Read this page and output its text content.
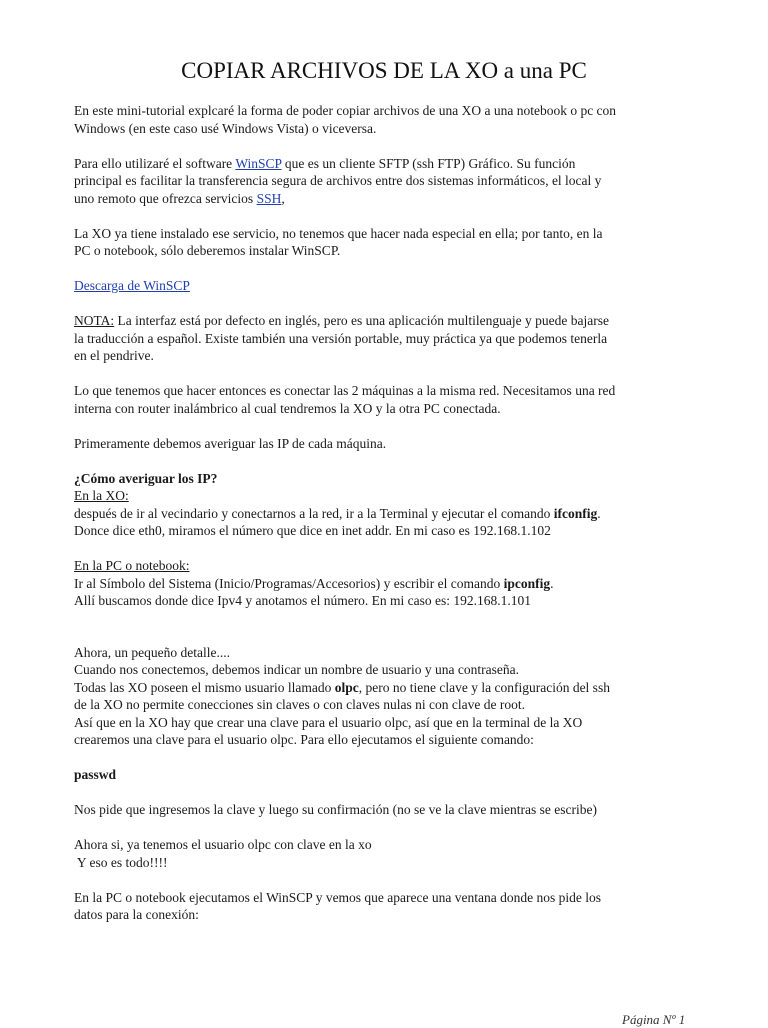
COPIAR ARCHIVOS DE LA XO a una PC

En este mini-tutorial explcaré la forma de poder copiar archivos de una XO a una notebook o pc con

Windows (en este caso usé Windows Vista) o viceversa.

Para ello utilizaré el software WinSCP que es un cliente SFTP (ssh FTP) Gráfico. Su función

principal es facilitar la transferencia segura de archivos entre dos sistemas informáticos, el local y

uno remoto que ofrezca servicios SSH,

La XO ya tiene instalado ese servicio, no tenemos que hacer nada especial en ella; por tanto, en la

PC o notebook, sólo deberemos instalar WinSCP.

Descarga de WinSCP

NOTA: La interfaz está por defecto en inglés, pero es una aplicación multilenguaje y puede bajarse

la traducción a español. Existe también una versión portable, muy práctica ya que podemos tenerla

en el pendrive.

Lo que tenemos que hacer entonces es conectar las 2 máquinas a la misma red. Necesitamos una red

interna con router inalámbrico al cual tendremos la XO y la otra PC conectada.

Primeramente debemos averiguar las IP de cada máquina.

¿Cómo averiguar los IP?

En la XO:

después de ir al vecindario y conectarnos a la red, ir a la Terminal y ejecutar el comando ifconfig.

Donce dice eth0, miramos el número que dice en inet addr. En mi caso es 192.168.1.102

En la PC o notebook:

Ir al Símbolo del Sistema (Inicio/Programas/Accesorios) y escribir el comando ipconfig.

Allí buscamos donde dice Ipv4 y anotamos el número. En mi caso es: 192.168.1.101

Ahora, un pequeño detalle....

Cuando nos conectemos, debemos indicar un nombre de usuario y una contraseña.

Todas las XO poseen el mismo usuario llamado olpc, pero no tiene clave y la configuración del ssh

de la XO no permite conecciones sin claves o con claves nulas ni con clave de root.

Así que en la XO hay que crear una clave para el usuario olpc, así que en la terminal de la XO

crearemos una clave para el usuario olpc. Para ello ejecutamos el siguiente comando:

passwd

Nos pide que ingresemos la clave y luego su confirmación (no se ve la clave mientras se escribe)

Ahora si, ya tenemos el usuario olpc con clave en la xo

Y eso es todo!!!!

En la PC o notebook ejecutamos el WinSCP y vemos que aparece una ventana donde nos pide los

datos para la conexión:

Página Nº 1
